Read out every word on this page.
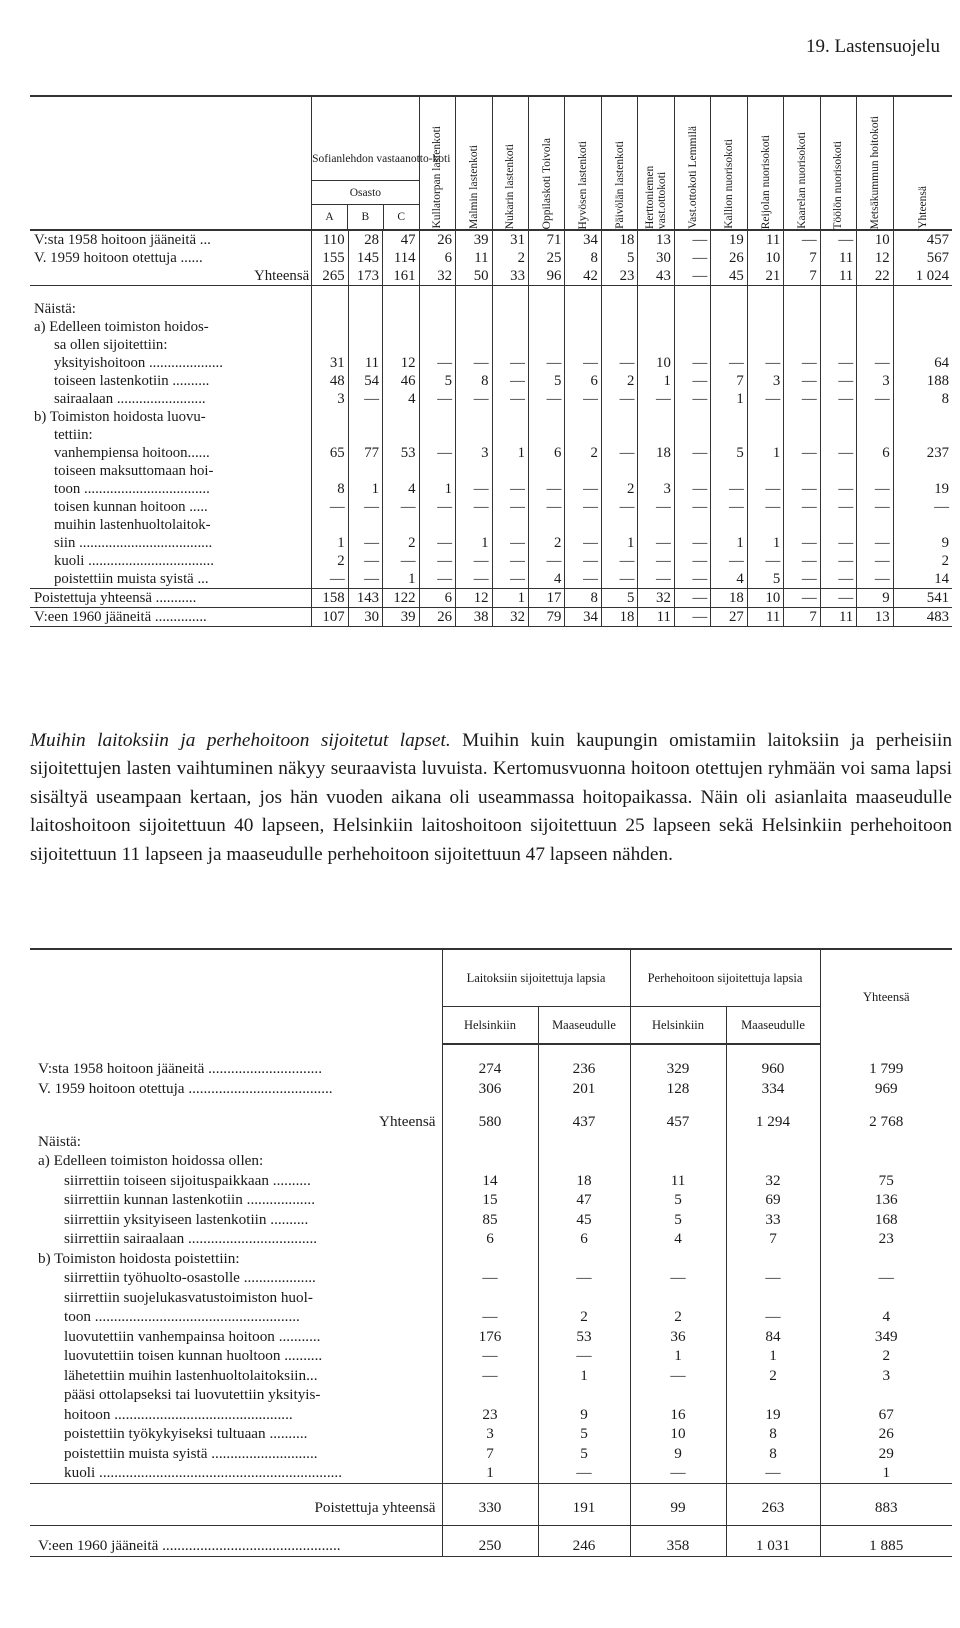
19. Lastensuojelu

	Sofianlehdon vastaanotto-koti
Osasto
A B C			Kullatorpan lastenkoti	Malmin lastenkoti	Nukarin lastenkoti	Oppilaskoti Toivola	Hyvösen lastenkoti	Päivölän lastenkoti	Herttoniemen vast.ottokoti	Vast.ottokoti Lemmilä	Kallion nuorisokoti	Reijolan nuorisokoti	Kaarelan nuorisokoti	Töölön nuorisokoti	Metsäkummun hoitokoti	Yhteensä

V:sta 1958 hoitoon jääneitä ...	110	28	47	26	39	31	71	34	18	13	—	19	11	—	—	10	457
V. 1959 hoitoon otettuja ......	155	145	114	6	11	2	25	8	5	30	—	26	10	7	11	12	567
Yhteensä	265	173	161	32	50	33	96	42	23	43	—	45	21	7	11	22	1 024

Näistä:																	
a) Edelleen toimiston hoidos-																	
sa ollen sijoitettiin:																	
yksityishoitoon ....................	31	11	12	—	—	—	—	—	—	10	—	—	—	—	—	—	64
toiseen lastenkotiin ..........	48	54	46	5	8	—	5	6	2	1	—	7	3	—	—	3	188
sairaalaan ........................	3	—	4	—	—	—	—	—	—	—	—	1	—	—	—	—	8
b) Toimiston hoidosta luovu-																	
tettiin:																	
vanhempiensa hoitoon......	65	77	53	—	3	1	6	2	—	18	—	5	1	—	—	6	237
toiseen maksuttomaan hoi-																	
toon ..................................	8	1	4	1	—	—	—	—	2	3	—	—	—	—	—	—	19
toisen kunnan hoitoon .....	—	—	—	—	—	—	—	—	—	—	—	—	—	—	—	—	—
muihin lastenhuoltolaitok-																	
siin ....................................	1	—	2	—	1	—	2	—	1	—	—	1	1	—	—	—	9
kuoli ..................................	2	—	—	—	—	—	—	—	—	—	—	—	—	—	—	—	2
poistettiin muista syistä ...	—	—	1	—	—	—	4	—	—	—	—	4	5	—	—	—	14
Poistettuja yhteensä ...........	158	143	122	6	12	1	17	8	5	32	—	18	10	—	—	9	541
V:een 1960 jääneitä ..............	107	30	39	26	38	32	79	34	18	11	—	27	11	7	11	13	483
Muihin laitoksiin ja perhehoitoon sijoitetut lapset. Muihin kuin kaupungin omistamiin laitoksiin ja perheisiin sijoitettujen lasten vaihtuminen näkyy seuraavista luvuista. Kertomusvuonna hoitoon otettujen ryhmään voi sama lapsi sisältyä useampaan kertaan, jos hän vuoden aikana oli useammassa hoitopaikassa. Näin oli asianlaita maaseudulle laitoshoitoon sijoitettuun 40 lapseen, Helsinkiin laitoshoitoon sijoitettuun 25 lapseen sekä Helsinkiin perhehoitoon sijoitettuun 11 lapseen ja maaseudulle perhehoitoon sijoitettuun 47 lapseen nähden.
	Laitoksiin sijoitettuja lapsia		Perhehoitoon sijoitettuja lapsia		Yhteensä
	Helsinkiin	Maaseudulle	Helsinkiin	Maaseudulle	
V:sta 1958 hoitoon jääneitä ..............................	274	236	329	960	1 799
V. 1959 hoitoon otettuja ......................................	306	201	128	334	969
Yhteensä	580	437	457	1 294	2 768
Näistä:					
a) Edelleen toimiston hoidossa ollen:					
siirrettiin toiseen sijoituspaikkaan ..........	14	18	11	32	75
siirrettiin kunnan lastenkotiin ..................	15	47	5	69	136
siirrettiin yksityiseen lastenkotiin ..........	85	45	5	33	168
siirrettiin sairaalaan ..................................	6	6	4	7	23
b) Toimiston hoidosta poistettiin:					
siirrettiin työhuolto-osastolle ...................	—	—	—	—	—
siirrettiin suojelukasvatustoimiston huol-					
toon ......................................................	—	2	2	—	4
luovutettiin vanhempainsa hoitoon ...........	176	53	36	84	349
luovutettiin toisen kunnan huoltoon ..........	—	—	1	1	2
lähetettiin muihin lastenhuoltolaitoksiin...	—	1	—	2	3
pääsi ottolapseksi tai luovutettiin yksityis-					
hoitoon ...............................................	23	9	16	19	67
poistettiin työkykyiseksi tultuaan ..........	3	5	10	8	26
poistettiin muista syistä ............................	7	5	9	8	29
kuoli ................................................................	1	—	—	—	1
Poistettuja yhteensä	330	191	99	263	883
V:een 1960 jääneitä ...............................................	250	246	358	1 031	1 885
